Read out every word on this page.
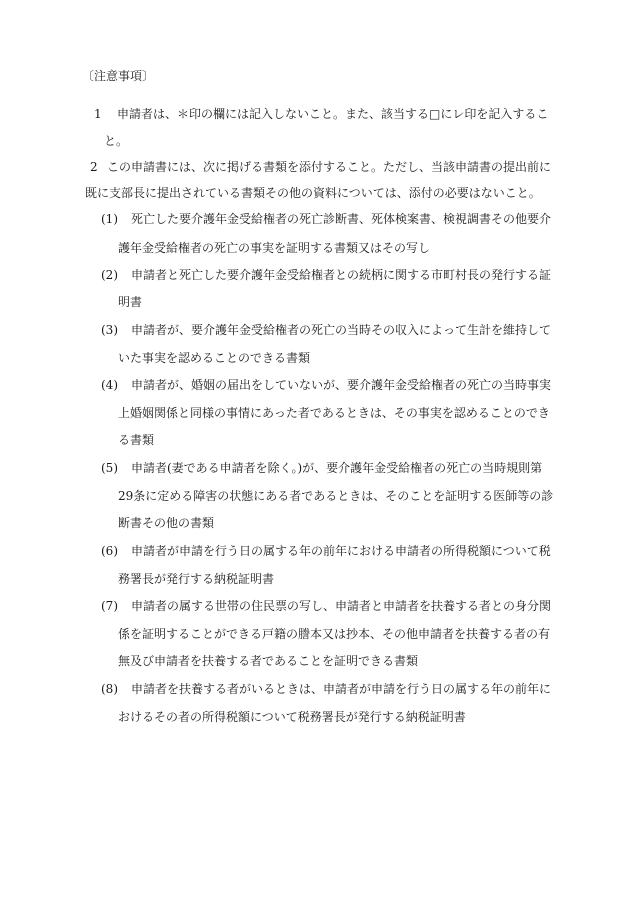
〔注意事項〕
1 申請者は、＊印の欄には記入しないこと。また、該当する□にレ印を記入するこ
と。
2 この申請書には、次に掲げる書類を添付すること。ただし、当該申請書の提出前に
既に支部長に提出されている書類その他の資料については、添付の必要はないこと。
(1) 死亡した要介護年金受給権者の死亡診断書、死体検案書、検視調書その他要介
護年金受給権者の死亡の事実を証明する書類又はその写し
(2) 申請者と死亡した要介護年金受給権者との続柄に関する市町村長の発行する証
明書
(3) 申請者が、要介護年金受給権者の死亡の当時その収入によって生計を維持して
いた事実を認めることのできる書類
(4) 申請者が、婚姻の届出をしていないが、要介護年金受給権者の死亡の当時事実
上婚姻関係と同様の事情にあった者であるときは、その事実を認めることのでき
る書類
(5) 申請者(妻である申請者を除く。)が、要介護年金受給権者の死亡の当時規則第
29条に定める障害の状態にある者であるときは、そのことを証明する医師等の診
断書その他の書類
(6) 申請者が申請を行う日の属する年の前年における申請者の所得税額について税
務署長が発行する納税証明書
(7) 申請者の属する世帯の住民票の写し、申請者と申請者を扶養する者との身分関
係を証明することができる戸籍の謄本又は抄本、その他申請者を扶養する者の有
無及び申請者を扶養する者であることを証明できる書類
(8) 申請者を扶養する者がいるときは、申請者が申請を行う日の属する年の前年に
おけるその者の所得税額について税務署長が発行する納税証明書
